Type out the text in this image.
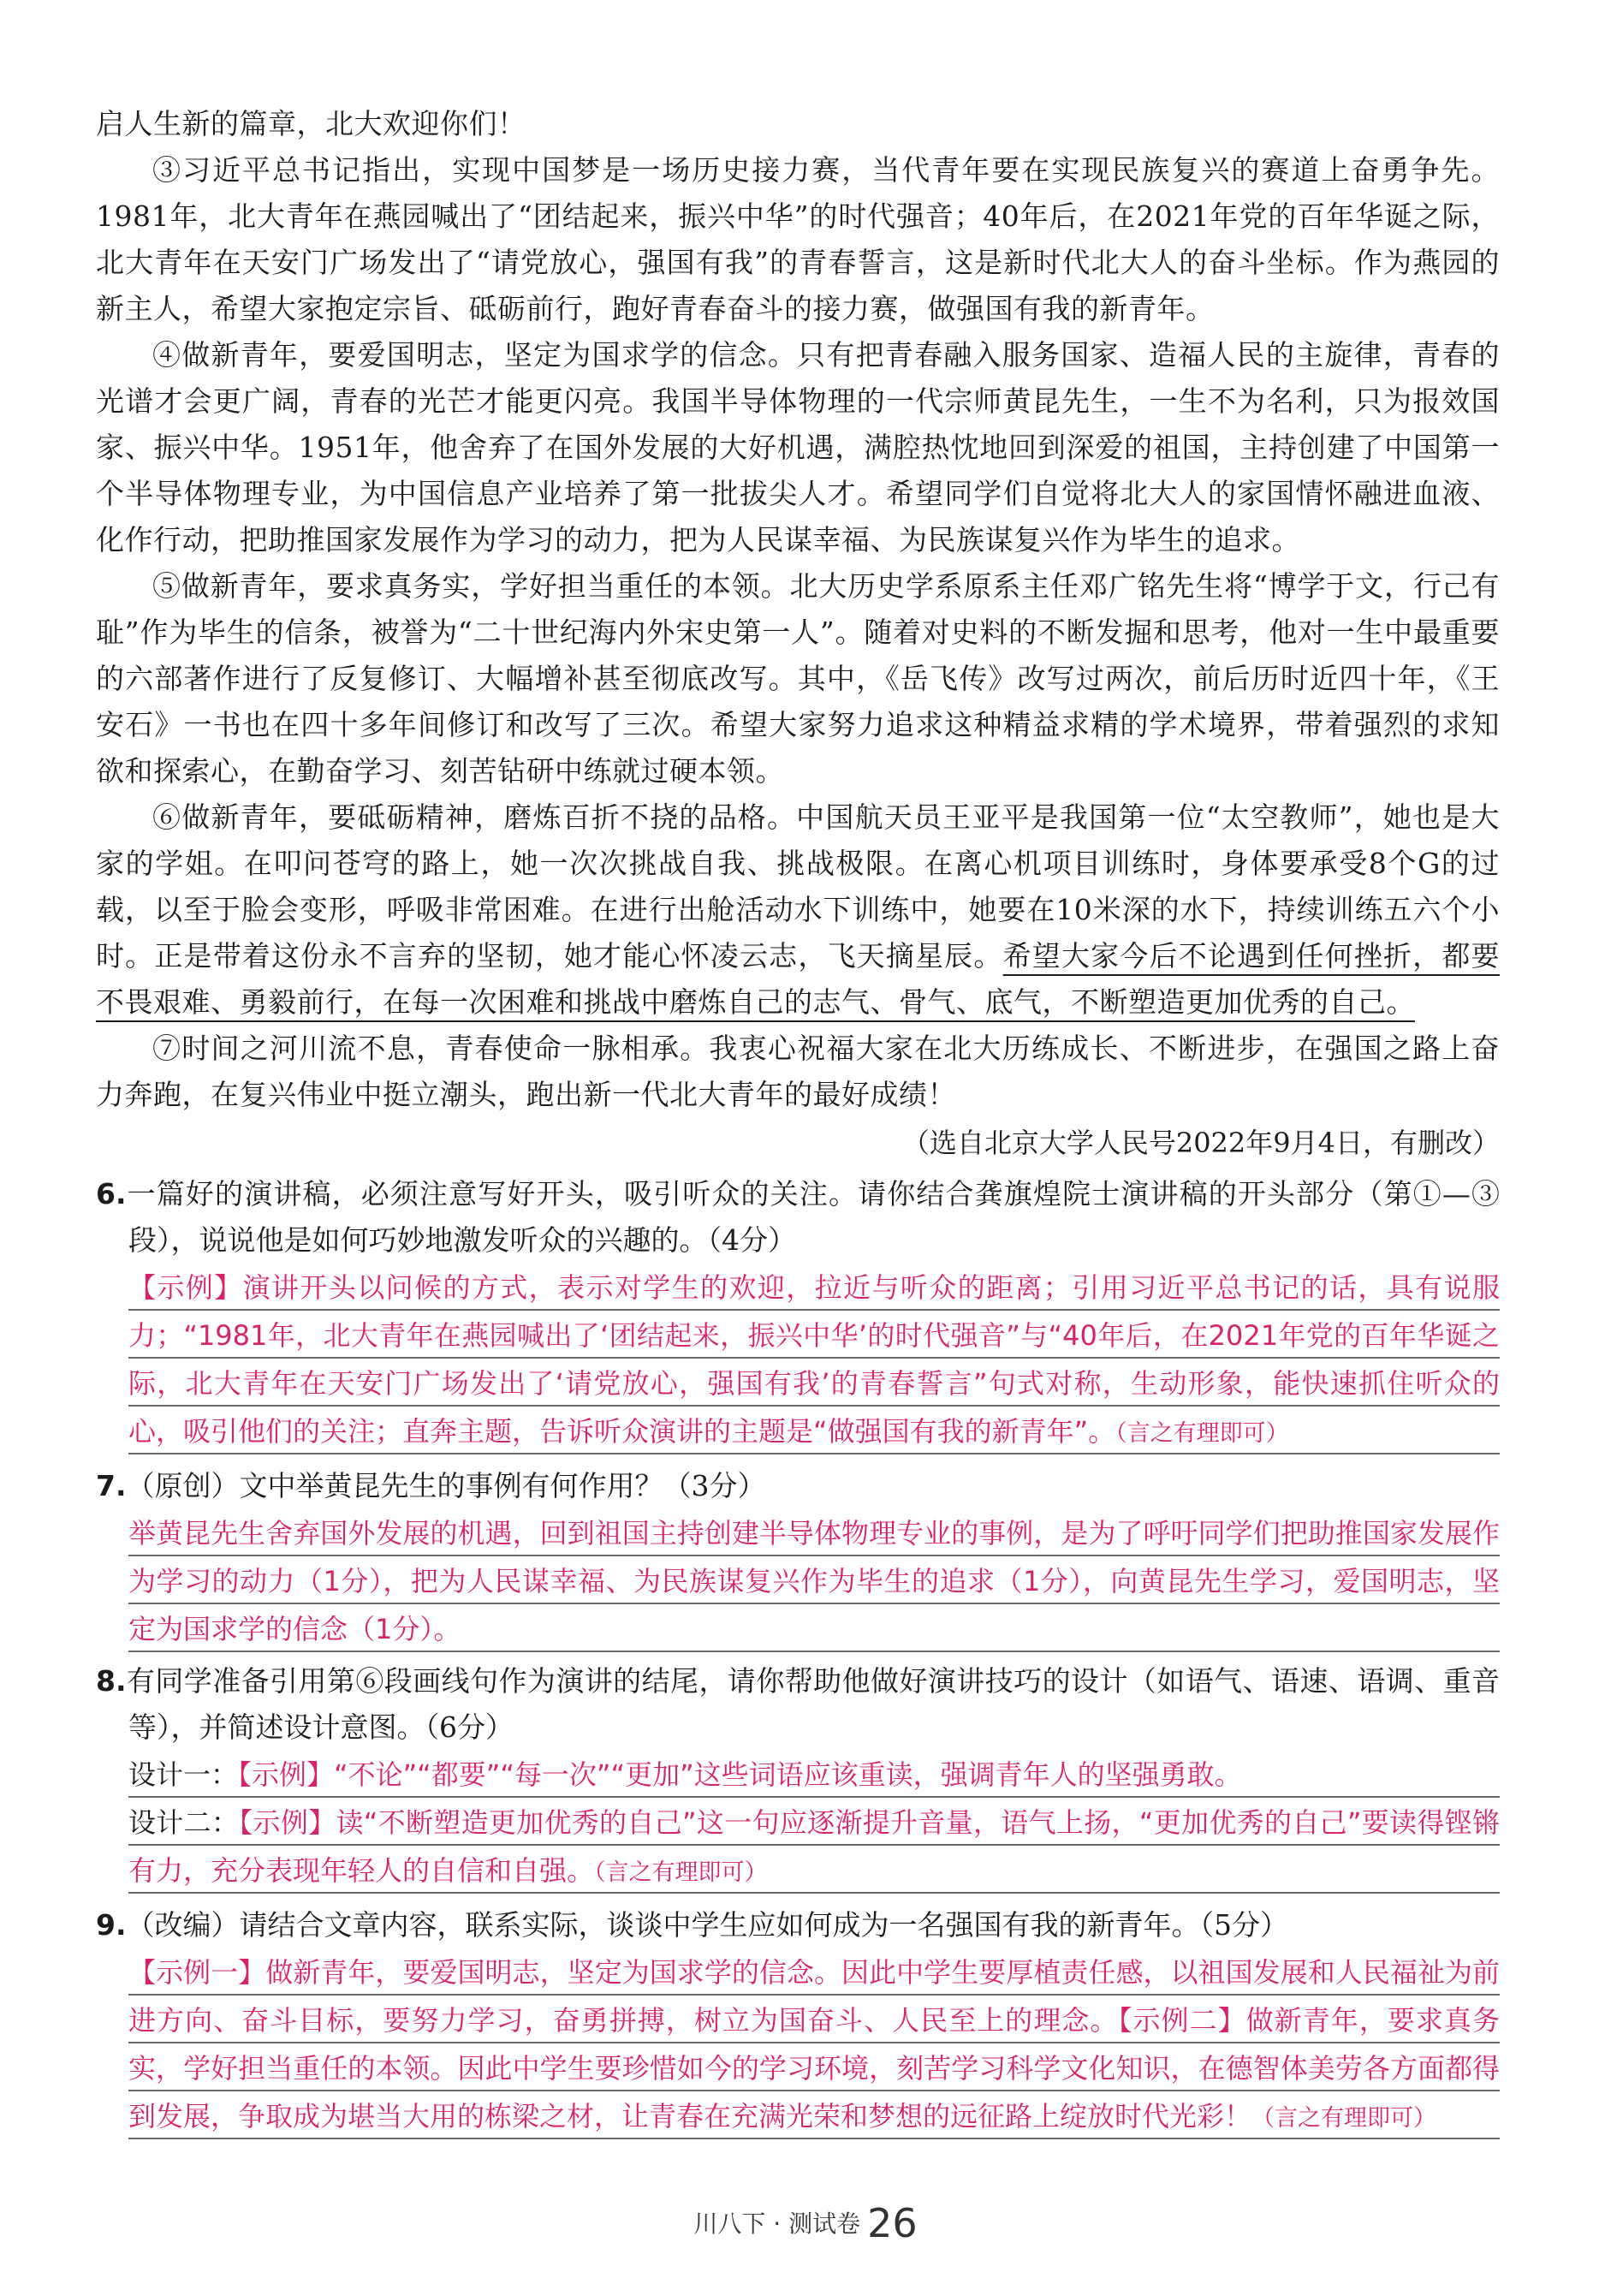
启人生新的篇章，北大欢迎你们！

③习近平总书记指出，实现中国梦是一场历史接力赛，当代青年要在实现民族复兴的赛道上奋勇争先。1981年，北大青年在燕园喊出了“团结起来，振兴中华”的时代强音；40年后，在2021年党的百年华诞之际，北大青年在天安门广场发出了“请党放心，强国有我”的青春誓言，这是新时代北大人的奋斗坐标。作为燕园的新主人，希望大家抱定宗旨、砥砺前行，跑好青春奋斗的接力赛，做强国有我的新青年。

④做新青年，要爱国明志，坚定为国求学的信念。只有把青春融入服务国家、造福人民的主旋律，青春的光谱才会更广阔，青春的光芒才能更闪亮。我国半导体物理的一代宗师黄昆先生，一生不为名利，只为报效国家、振兴中华。1951年，他舍弃了在国外发展的大好机遇，满腔热忱地回到深爱的祖国，主持创建了中国第一个半导体物理专业，为中国信息产业培养了第一批拔尖人才。希望同学们自觉将北大人的家国情怀融进血液、化作行动，把助推国家发展作为学习的动力，把为人民谋幸福、为民族谋复兴作为毕生的追求。

⑤做新青年，要求真务实，学好担当重任的本领。北大历史学系原系主任邓广铭先生将“博学于文，行己有耻”作为毕生的信条，被誉为“二十世纪海内外宋史第一人”。随着对史料的不断发掘和思考，他对一生中最重要的六部著作进行了反复修订、大幅增补甚至彻底改写。其中，《岳飞传》改写过两次，前后历时近四十年，《王安石》一书也在四十多年间修订和改写了三次。希望大家努力追求这种精益求精的学术境界，带着强烈的求知欲和探索心，在勤奋学习、刻苦钻研中练就过硬本领。

⑥做新青年，要砥砺精神，磨炼百折不挠的品格。中国航天员王亚平是我国第一位“太空教师”，她也是大家的学姐。在叩问苍穹的路上，她一次次挑战自我、挑战极限。在离心机项目训练时，身体要承受8个G的过载，以至于脸会变形，呼吸非常困难。在进行出舱活动水下训练中，她要在10米深的水下，持续训练五六个小时。正是带着这份永不言弃的坚韧，她才能心怀凌云志，飞天摘星辰。希望大家今后不论遇到任何挫折，都要不畏艰难、勇毅前行，在每一次困难和挑战中磨炼自己的志气、骨气、底气，不断塑造更加优秀的自己。

⑦时间之河川流不息，青春使命一脉相承。我衷心祝福大家在北大历练成长、不断进步，在强国之路上奋力奔跑，在复兴伟业中挺立潮头，跑出新一代北大青年的最好成绩！

（选自北京大学人民号2022年9月4日，有删改）

6.一篇好的演讲稿，必须注意写好开头，吸引听众的关注。请你结合龚旗煌院士演讲稿的开头部分（第①—③段），说说他是如何巧妙地激发听众的兴趣的。（4分）

【示例】演讲开头以问候的方式，表示对学生的欢迎，拉近与听众的距离；引用习近平总书记的话，具有说服力；“1981年，北大青年在燕园喊出了‘团结起来，振兴中华’的时代强音”与“40年后，在2021年党的百年华诞之际，北大青年在天安门广场发出了‘请党放心，强国有我’的青春誓言”句式对称，生动形象，能快速抓住听众的心，吸引他们的关注；直奔主题，告诉听众演讲的主题是“做强国有我的新青年”。（言之有理即可）

7.（原创）文中举黄昆先生的事例有何作用？（3分）

举黄昆先生舍弃国外发展的机遇，回到祖国主持创建半导体物理专业的事例，是为了呼吁同学们把助推国家发展作为学习的动力（1分），把为人民谋幸福、为民族谋复兴作为毕生的追求（1分），向黄昆先生学习，爱国明志，坚定为国求学的信念（1分）。

8.有同学准备引用第⑥段画线句作为演讲的结尾，请你帮助他做好演讲技巧的设计（如语气、语速、语调、重音等），并简述设计意图。（6分）

设计一：【示例】“不论”“都要”“每一次”“更加”这些词语应该重读，强调青年人的坚强勇敢。

设计二：【示例】读“不断塑造更加优秀的自己”这一句应逐渐提升音量，语气上扬，“更加优秀的自己”要读得铿锵有力，充分表现年轻人的自信和自强。（言之有理即可）

9.（改编）请结合文章内容，联系实际，谈谈中学生应如何成为一名强国有我的新青年。（5分）

【示例一】做新青年，要爱国明志，坚定为国求学的信念。因此中学生要厚植责任感，以祖国发展和人民福祉为前进方向、奋斗目标，要努力学习，奋勇拼搏，树立为国奋斗、人民至上的理念。【示例二】做新青年，要求真务实，学好担当重任的本领。因此中学生要珍惜如今的学习环境，刻苦学习科学文化知识，在德智体美劳各方面都得到发展，争取成为堪当大用的栋梁之材，让青春在充满光荣和梦想的远征路上绽放时代光彩！（言之有理即可）

川八下 · 测试卷 26
